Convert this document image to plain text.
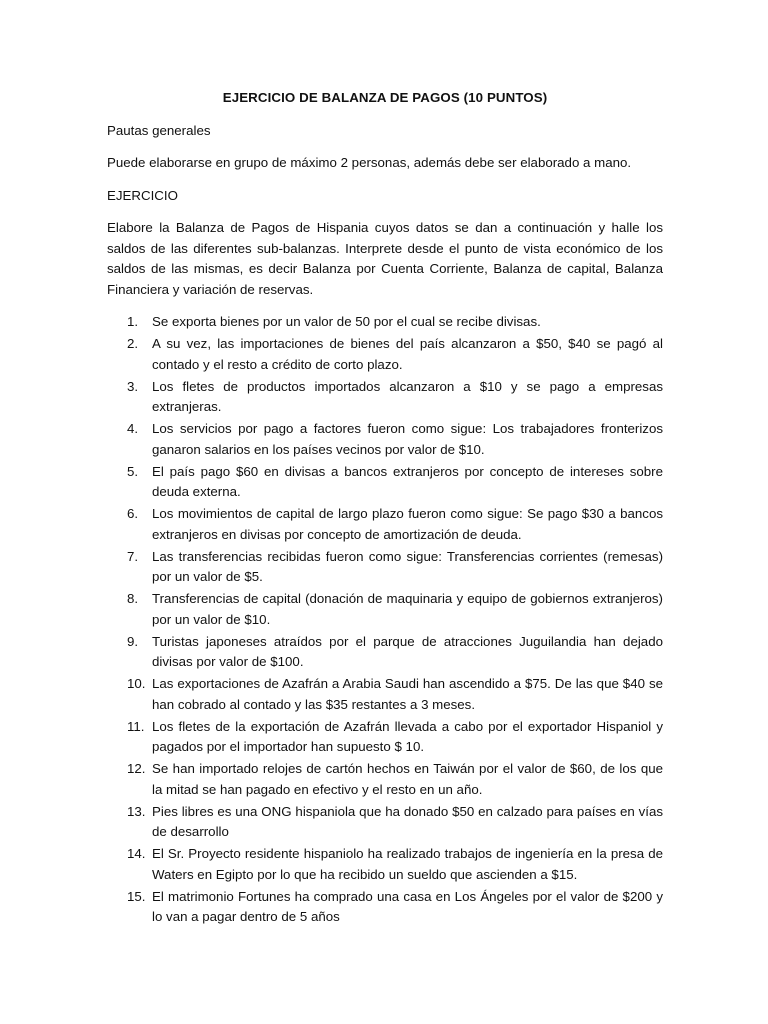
EJERCICIO DE BALANZA DE PAGOS (10 PUNTOS)
Pautas generales
Puede elaborarse en grupo de máximo 2 personas, además debe ser elaborado a mano.
EJERCICIO
Elabore la Balanza de Pagos de Hispania cuyos datos se dan a continuación y halle los saldos de las diferentes sub-balanzas. Interprete desde el punto de vista económico de los saldos de las mismas, es decir Balanza por Cuenta Corriente, Balanza de capital, Balanza Financiera y variación de reservas.
1.	Se exporta bienes por un valor de 50 por el cual se recibe divisas.
2.	A su vez, las importaciones de bienes del país alcanzaron a $50, $40 se pagó al contado y el resto a crédito de corto plazo.
3.	Los fletes de productos importados alcanzaron a $10 y se pago a empresas extranjeras.
4.	Los servicios por pago a factores fueron como sigue: Los trabajadores fronterizos ganaron salarios en los países vecinos por valor de $10.
5.	El país pago $60 en divisas a bancos extranjeros por concepto de intereses sobre deuda externa.
6.	Los movimientos de capital de largo plazo fueron como sigue: Se pago $30 a bancos extranjeros en divisas por concepto de amortización de deuda.
7.	Las transferencias recibidas fueron como sigue: Transferencias corrientes (remesas) por un valor de $5.
8.	Transferencias de capital (donación de maquinaria y equipo de gobiernos extranjeros) por un valor de $10.
9.	Turistas japoneses atraídos por el parque de atracciones Juguilandia han dejado divisas por valor de $100.
10. Las exportaciones de Azafrán a Arabia Saudi han ascendido a $75. De las que $40 se han cobrado al contado y las $35 restantes a 3 meses.
11. Los fletes de la exportación de Azafrán llevada a cabo por el exportador Hispaniol y pagados por el importador han supuesto $ 10.
12. Se han importado relojes de cartón hechos en Taiwán por el valor de $60, de los que la mitad se han pagado en efectivo y el resto en un año.
13. Pies libres es una ONG hispaniola que ha donado $50 en calzado para países en vías de desarrollo
14. El Sr. Proyecto residente hispaniolo ha realizado trabajos de ingeniería en la presa de Waters en Egipto por lo que ha recibido un sueldo que ascienden a $15.
15. El matrimonio Fortunes ha comprado una casa en Los Ángeles por el valor de $200 y lo van a pagar dentro de 5 años
